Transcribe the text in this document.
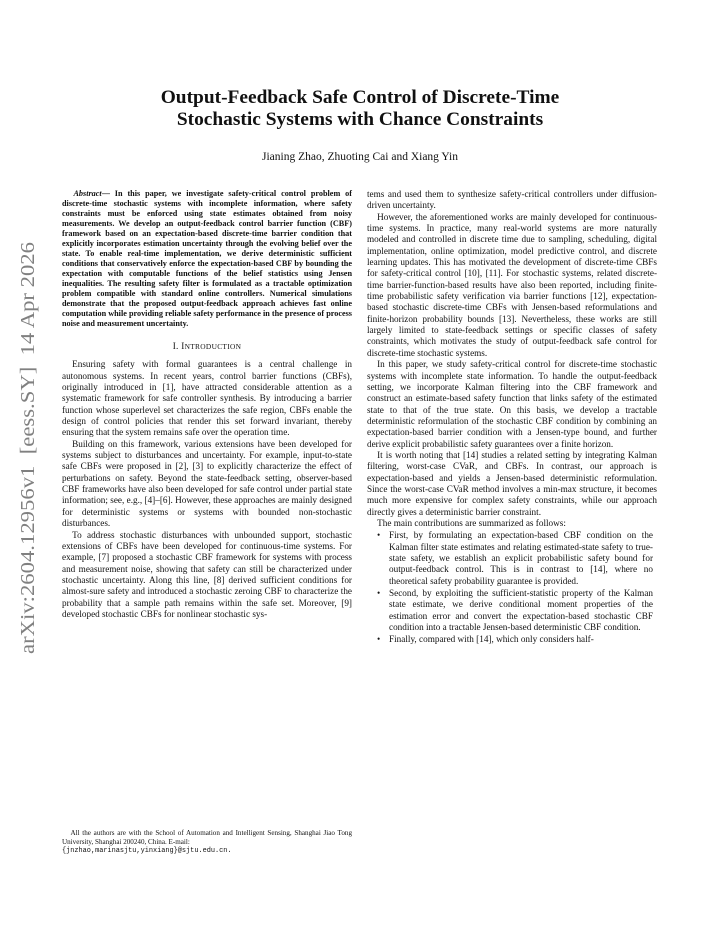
arXiv:2604.12956v1  [eess.SY]  14 Apr 2026
Output-Feedback Safe Control of Discrete-Time
Stochastic Systems with Chance Constraints

Jianing Zhao, Zhuoting Cai and Xiang Yin

Abstract— In this paper, we investigate safety-critical control problem of discrete-time stochastic systems with incomplete information, where safety constraints must be enforced using state estimates obtained from noisy measurements. We develop an output-feedback control barrier function (CBF) framework based on an expectation-based discrete-time barrier condition that explicitly incorporates estimation uncertainty through the evolving belief over the state. To enable real-time implementation, we derive deterministic sufficient conditions that conservatively enforce the expectation-based CBF by bounding the expectation with computable functions of the belief statistics using Jensen inequalities. The resulting safety filter is formulated as a tractable optimization problem compatible with standard online controllers. Numerical simulations demonstrate that the proposed output-feedback approach achieves fast online computation while providing reliable safety performance in the presence of process noise and measurement uncertainty.

I. INTRODUCTION

Ensuring safety with formal guarantees is a central challenge in autonomous systems. In recent years, control barrier functions (CBFs), originally introduced in [1], have attracted considerable attention as a systematic framework for safe controller synthesis. By introducing a barrier function whose superlevel set characterizes the safe region, CBFs enable the design of control policies that render this set forward invariant, thereby ensuring that the system remains safe over the operation time.

Building on this framework, various extensions have been developed for systems subject to disturbances and uncertainty. For example, input-to-state safe CBFs were proposed in [2], [3] to explicitly characterize the effect of perturbations on safety. Beyond the state-feedback setting, observer-based CBF frameworks have also been developed for safe control under partial state information; see, e.g., [4]–[6]. However, these approaches are mainly designed for deterministic systems or systems with bounded non-stochastic disturbances.

To address stochastic disturbances with unbounded support, stochastic extensions of CBFs have been developed for continuous-time systems. For example, [7] proposed a stochastic CBF framework for systems with process and measurement noise, showing that safety can still be characterized under stochastic uncertainty. Along this line, [8] derived sufficient conditions for almost-sure safety and introduced a stochastic zeroing CBF to characterize the probability that a sample path remains within the safe set. Moreover, [9] developed stochastic CBFs for nonlinear stochastic sys-

tems and used them to synthesize safety-critical controllers under diffusion-driven uncertainty.

However, the aforementioned works are mainly developed for continuous-time systems. In practice, many real-world systems are more naturally modeled and controlled in discrete time due to sampling, scheduling, digital implementation, online optimization, model predictive control, and discrete learning updates. This has motivated the development of discrete-time CBFs for safety-critical control [10], [11]. For stochastic systems, related discrete-time barrier-function-based results have also been reported, including finite-time probabilistic safety verification via barrier functions [12], expectation-based stochastic discrete-time CBFs with Jensen-based reformulations and finite-horizon probability bounds [13]. Nevertheless, these works are still largely limited to state-feedback settings or specific classes of safety constraints, which motivates the study of output-feedback safe control for discrete-time stochastic systems.

In this paper, we study safety-critical control for discrete-time stochastic systems with incomplete state information. To handle the output-feedback setting, we incorporate Kalman filtering into the CBF framework and construct an estimate-based safety function that links safety of the estimated state to that of the true state. On this basis, we develop a tractable deterministic reformulation of the stochastic CBF condition by combining an expectation-based barrier condition with a Jensen-type bound, and further derive explicit probabilistic safety guarantees over a finite horizon.

It is worth noting that [14] studies a related setting by integrating Kalman filtering, worst-case CVaR, and CBFs. In contrast, our approach is expectation-based and yields a Jensen-based deterministic reformulation. Since the worst-case CVaR method involves a min-max structure, it becomes much more expensive for complex safety constraints, while our approach directly gives a deterministic barrier constraint.

The main contributions are summarized as follows:

• First, by formulating an expectation-based CBF condition on the Kalman filter state estimates and relating estimated-state safety to true-state safety, we establish an explicit probabilistic safety bound for output-feedback control. This is in contrast to [14], where no theoretical safety probability guarantee is provided.
• Second, by exploiting the sufficient-statistic property of the Kalman state estimate, we derive conditional moment properties of the estimation error and convert the expectation-based stochastic CBF condition into a tractable Jensen-based deterministic CBF condition.
• Finally, compared with [14], which only considers half-

All the authors are with the School of Automation and Intelligent Sensing, Shanghai Jiao Tong University, Shanghai 200240, China. E-mail:
{jnzhao,marinasjtu,yinxiang}@sjtu.edu.cn.
